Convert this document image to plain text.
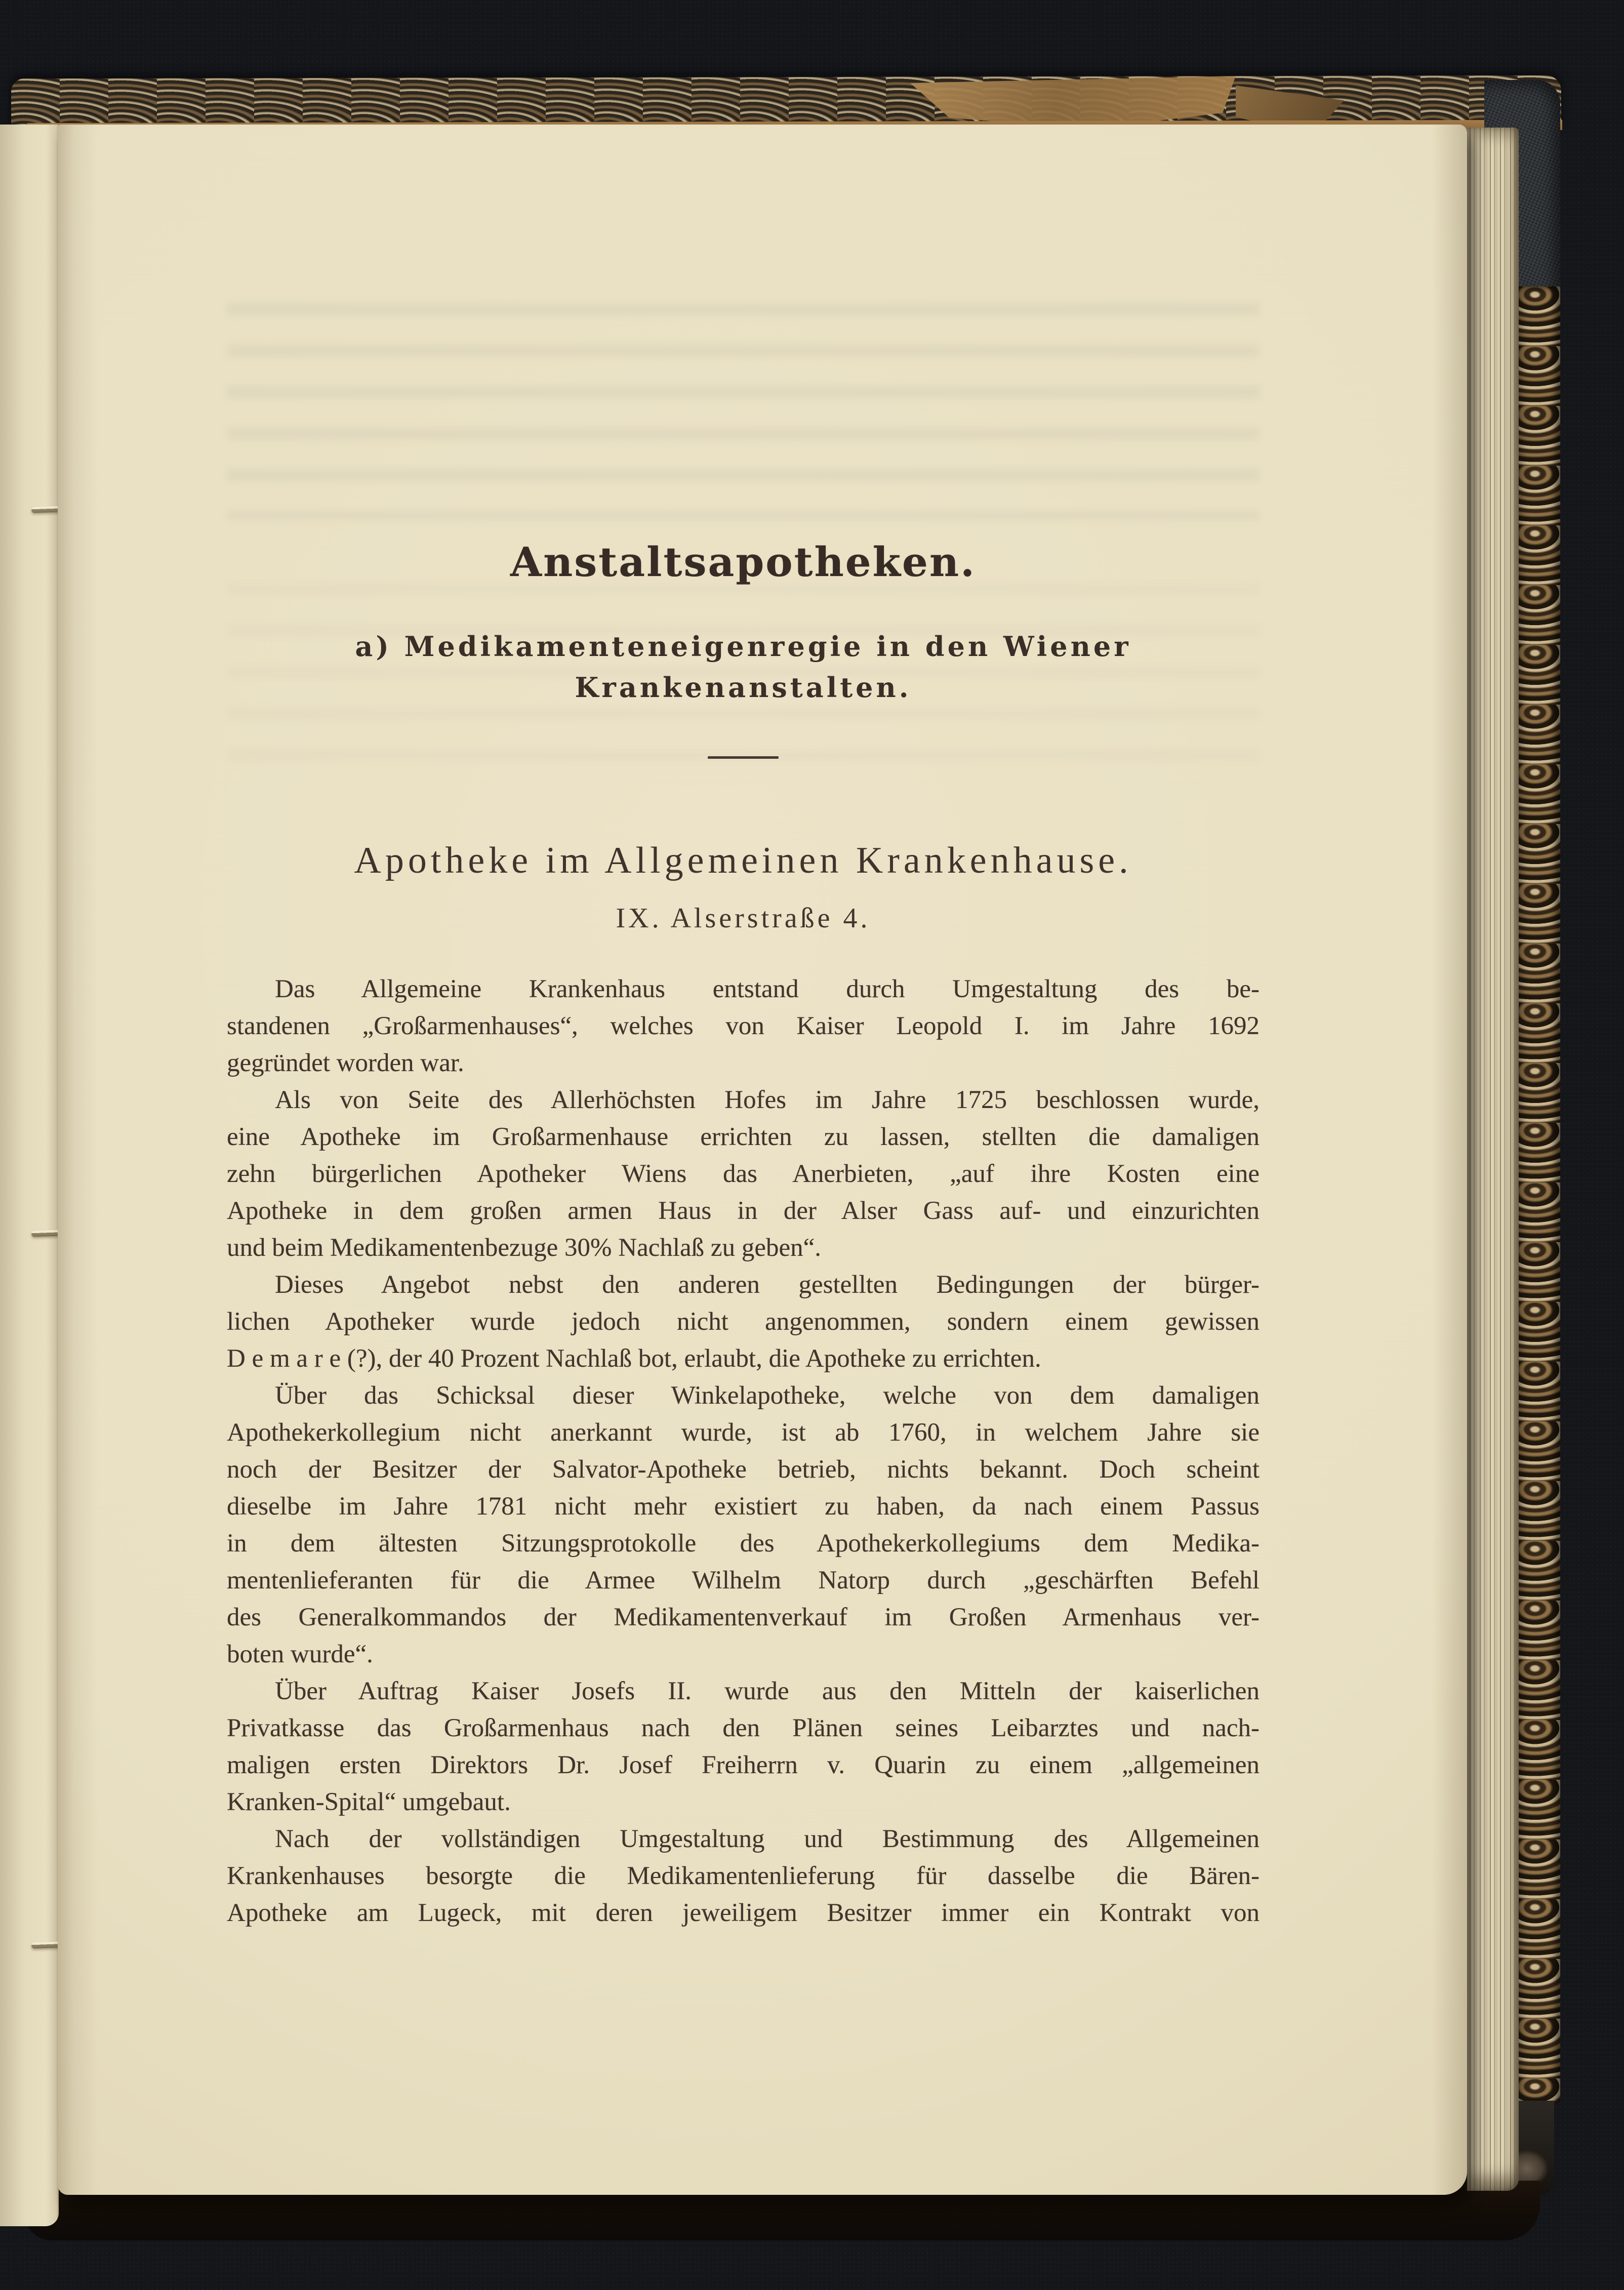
Anstaltsapotheken.
a) Medikamenteneigenregie in den Wiener
Krankenanstalten.
Apotheke im Allgemeinen Krankenhause.
IX. Alserstraße 4.
Das Allgemeine Krankenhaus entstand durch Umgestaltung des be-
standenen „Großarmenhauses“, welches von Kaiser Leopold I. im Jahre 1692
gegründet worden war.
Als von Seite des Allerhöchsten Hofes im Jahre 1725 beschlossen wurde,
eine Apotheke im Großarmenhause errichten zu lassen, stellten die damaligen
zehn bürgerlichen Apotheker Wiens das Anerbieten, „auf ihre Kosten eine
Apotheke in dem großen armen Haus in der Alser Gass auf- und einzurichten
und beim Medikamentenbezuge 30% Nachlaß zu geben“.
Dieses Angebot nebst den anderen gestellten Bedingungen der bürger-
lichen Apotheker wurde jedoch nicht angenommen, sondern einem gewissen
D e m a r e (?), der 40 Prozent Nachlaß bot, erlaubt, die Apotheke zu errichten.
Über das Schicksal dieser Winkelapotheke, welche von dem damaligen
Apothekerkollegium nicht anerkannt wurde, ist ab 1760, in welchem Jahre sie
noch der Besitzer der Salvator-Apotheke betrieb, nichts bekannt. Doch scheint
dieselbe im Jahre 1781 nicht mehr existiert zu haben, da nach einem Passus
in dem ältesten Sitzungsprotokolle des Apothekerkollegiums dem Medika-
mentenlieferanten für die Armee Wilhelm Natorp durch „geschärften Befehl
des Generalkommandos der Medikamentenverkauf im Großen Armenhaus ver-
boten wurde“.
Über Auftrag Kaiser Josefs II. wurde aus den Mitteln der kaiserlichen
Privatkasse das Großarmenhaus nach den Plänen seines Leibarztes und nach-
maligen ersten Direktors Dr. Josef Freiherrn v. Quarin zu einem „allgemeinen
Kranken-Spital“ umgebaut.
Nach der vollständigen Umgestaltung und Bestimmung des Allgemeinen
Krankenhauses besorgte die Medikamentenlieferung für dasselbe die Bären-
Apotheke am Lugeck, mit deren jeweiligem Besitzer immer ein Kontrakt von
